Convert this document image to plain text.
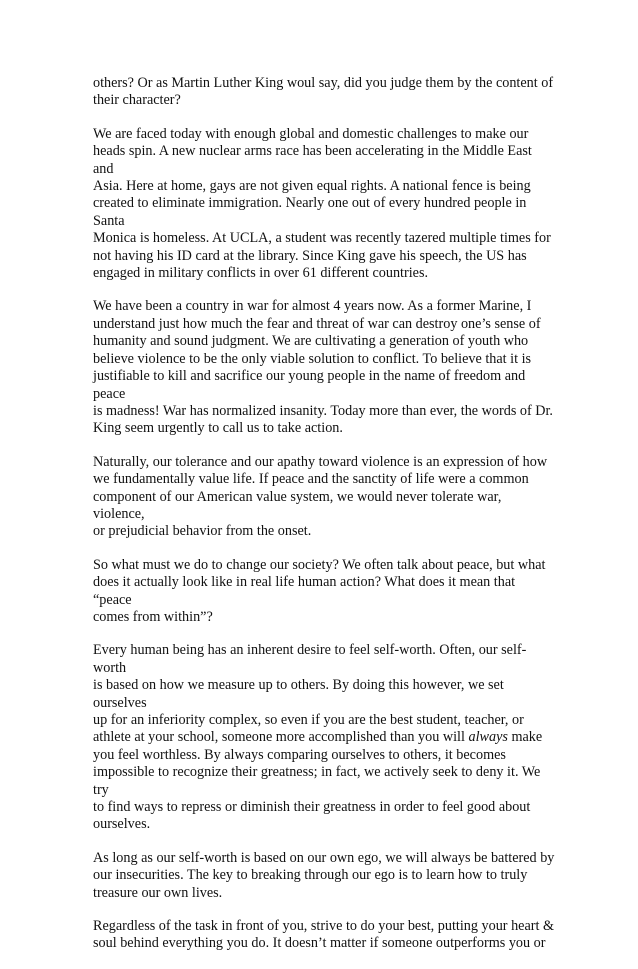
others? Or as Martin Luther King woul say, did you judge them by the content of
their character?

We are faced today with enough global and domestic challenges to make our
heads spin. A new nuclear arms race has been accelerating in the Middle East and
Asia. Here at home, gays are not given equal rights. A national fence is being
created to eliminate immigration. Nearly one out of every hundred people in Santa
Monica is homeless. At UCLA, a student was recently tazered multiple times for
not having his ID card at the library. Since King gave his speech, the US has
engaged in military conflicts in over 61 different countries.

We have been a country in war for almost 4 years now. As a former Marine, I
understand just how much the fear and threat of war can destroy one’s sense of
humanity and sound judgment. We are cultivating a generation of youth who
believe violence to be the only viable solution to conflict. To believe that it is
justifiable to kill and sacrifice our young people in the name of freedom and peace
is madness! War has normalized insanity. Today more than ever, the words of Dr.
King seem urgently to call us to take action.

Naturally, our tolerance and our apathy toward violence is an expression of how
we fundamentally value life. If peace and the sanctity of life were a common
component of our American value system, we would never tolerate war, violence,
or prejudicial behavior from the onset.

So what must we do to change our society? We often talk about peace, but what
does it actually look like in real life human action? What does it mean that “peace
comes from within”?

Every human being has an inherent desire to feel self-worth. Often, our self-worth
is based on how we measure up to others. By doing this however, we set ourselves
up for an inferiority complex, so even if you are the best student, teacher, or
athlete at your school, someone more accomplished than you will always make
you feel worthless. By always comparing ourselves to others, it becomes
impossible to recognize their greatness; in fact, we actively seek to deny it. We try
to find ways to repress or diminish their greatness in order to feel good about
ourselves.

As long as our self-worth is based on our own ego, we will always be battered by
our insecurities. The key to breaking through our ego is to learn how to truly
treasure our own lives.

Regardless of the task in front of you, strive to do your best, putting your heart &
soul behind everything you do. It doesn’t matter if someone outperforms you or
